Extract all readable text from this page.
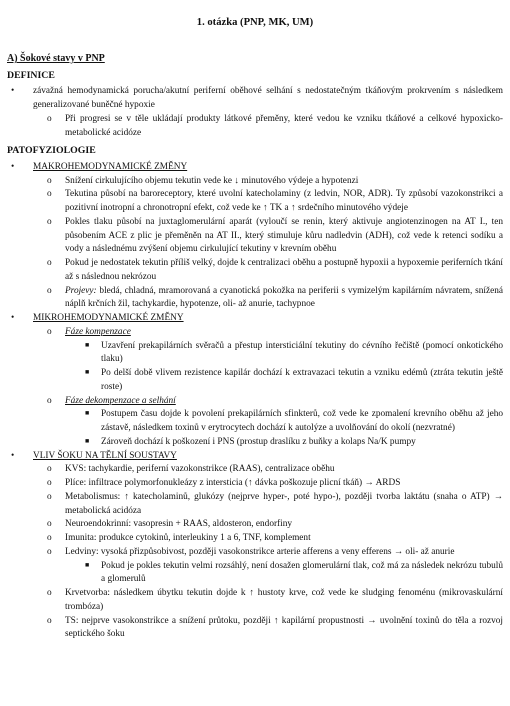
1. otázka (PNP, MK, UM)
A) Šokové stavy v PNP
DEFINICE
• závažná hemodynamická porucha/akutní periferní oběhové selhání s nedostatečným tkáňovým prokrvením s následkem generalizované buněčné hypoxie
o Při progresi se v těle ukládají produkty látkové přeměny, které vedou ke vzniku tkáňové a celkové hypoxicko-metabolické acidóze
PATOFYZIOLOGIE
• MAKROHEMODYNAMICKÉ ZMĚNY
o Snížení cirkulujícího objemu tekutin vede ke ↓ minutového výdeje a hypotenzi
o Tekutina působí na baroreceptory, které uvolní katecholaminy (z ledvin, NOR, ADR). Ty způsobí vazokonstrikci a pozitivní inotropní a chronotropní efekt, což vede ke ↑ TK a ↑ srdečního minutového výdeje
o Pokles tlaku působí na juxtaglomerulární aparát (vyloučí se renin, který aktivuje angiotenzinogen na AT I., ten působením ACE z plic je přeměněn na AT II., který stimuluje kůru nadledvin (ADH), což vede k retenci sodíku a vody a následnému zvýšení objemu cirkulující tekutiny v krevním oběhu
o Pokud je nedostatek tekutin příliš velký, dojde k centralizaci oběhu a postupně hypoxii a hypoxemie periferních tkání až s následnou nekrózou
o Projevy: bledá, chladná, mramorovaná a cyanotická pokožka na periferii s vymizelým kapilárním návratem, snížená náplň krčních žil, tachykardie, hypotenze, oli- až anurie, tachypnoe
• MIKROHEMODYNAMICKÉ ZMĚNY
o Fáze kompenzace
■ Uzavření prekapilárních svěračů a přestup intersticiální tekutiny do cévního řečiště (pomocí onkotického tlaku)
■ Po delší době vlivem rezistence kapilár dochází k extravazaci tekutin a vzniku edémů (ztráta tekutin ještě roste)
o Fáze dekompenzace a selhání
■ Postupem času dojde k povolení prekapilárních sfinkterů, což vede ke zpomalení krevního oběhu až jeho zástavě, následkem toxinů v erytrocytech dochází k autolýze a uvolňování do okolí (nezvratné)
■ Zároveň dochází k poškození i PNS (prostup draslíku z buňky a kolaps Na/K pumpy
• VLIV ŠOKU NA TĚLNÍ SOUSTAVY
o KVS: tachykardie, periferní vazokonstrikce (RAAS), centralizace oběhu
o Plíce: infiltrace polymorfonukleázy z intersticia (↑ dávka poškozuje plicní tkáň) → ARDS
o Metabolismus: ↑ katecholaminů, glukózy (nejprve hyper-, poté hypo-), později tvorba laktátu (snaha o ATP) → metabolická acidóza
o Neuroendokrinní: vasopresin + RAAS, aldosteron, endorfiny
o Imunita: produkce cytokinů, interleukiny 1 a 6, TNF, komplement
o Ledviny: vysoká přizpůsobivost, později vasokonstrikce arterie afferens a veny efferens → oli- až anurie
■ Pokud je pokles tekutin velmi rozsáhlý, není dosažen glomerulární tlak, což má za následek nekrózu tubulů a glomerulů
o Krvetvorba: následkem úbytku tekutin dojde k ↑ hustoty krve, což vede ke sludging fenoménu (mikrovaskulární trombóza)
o TS: nejprve vasokonstrikce a snížení průtoku, později ↑ kapilární propustnosti → uvolnění toxinů do těla a rozvoj septického šoku
